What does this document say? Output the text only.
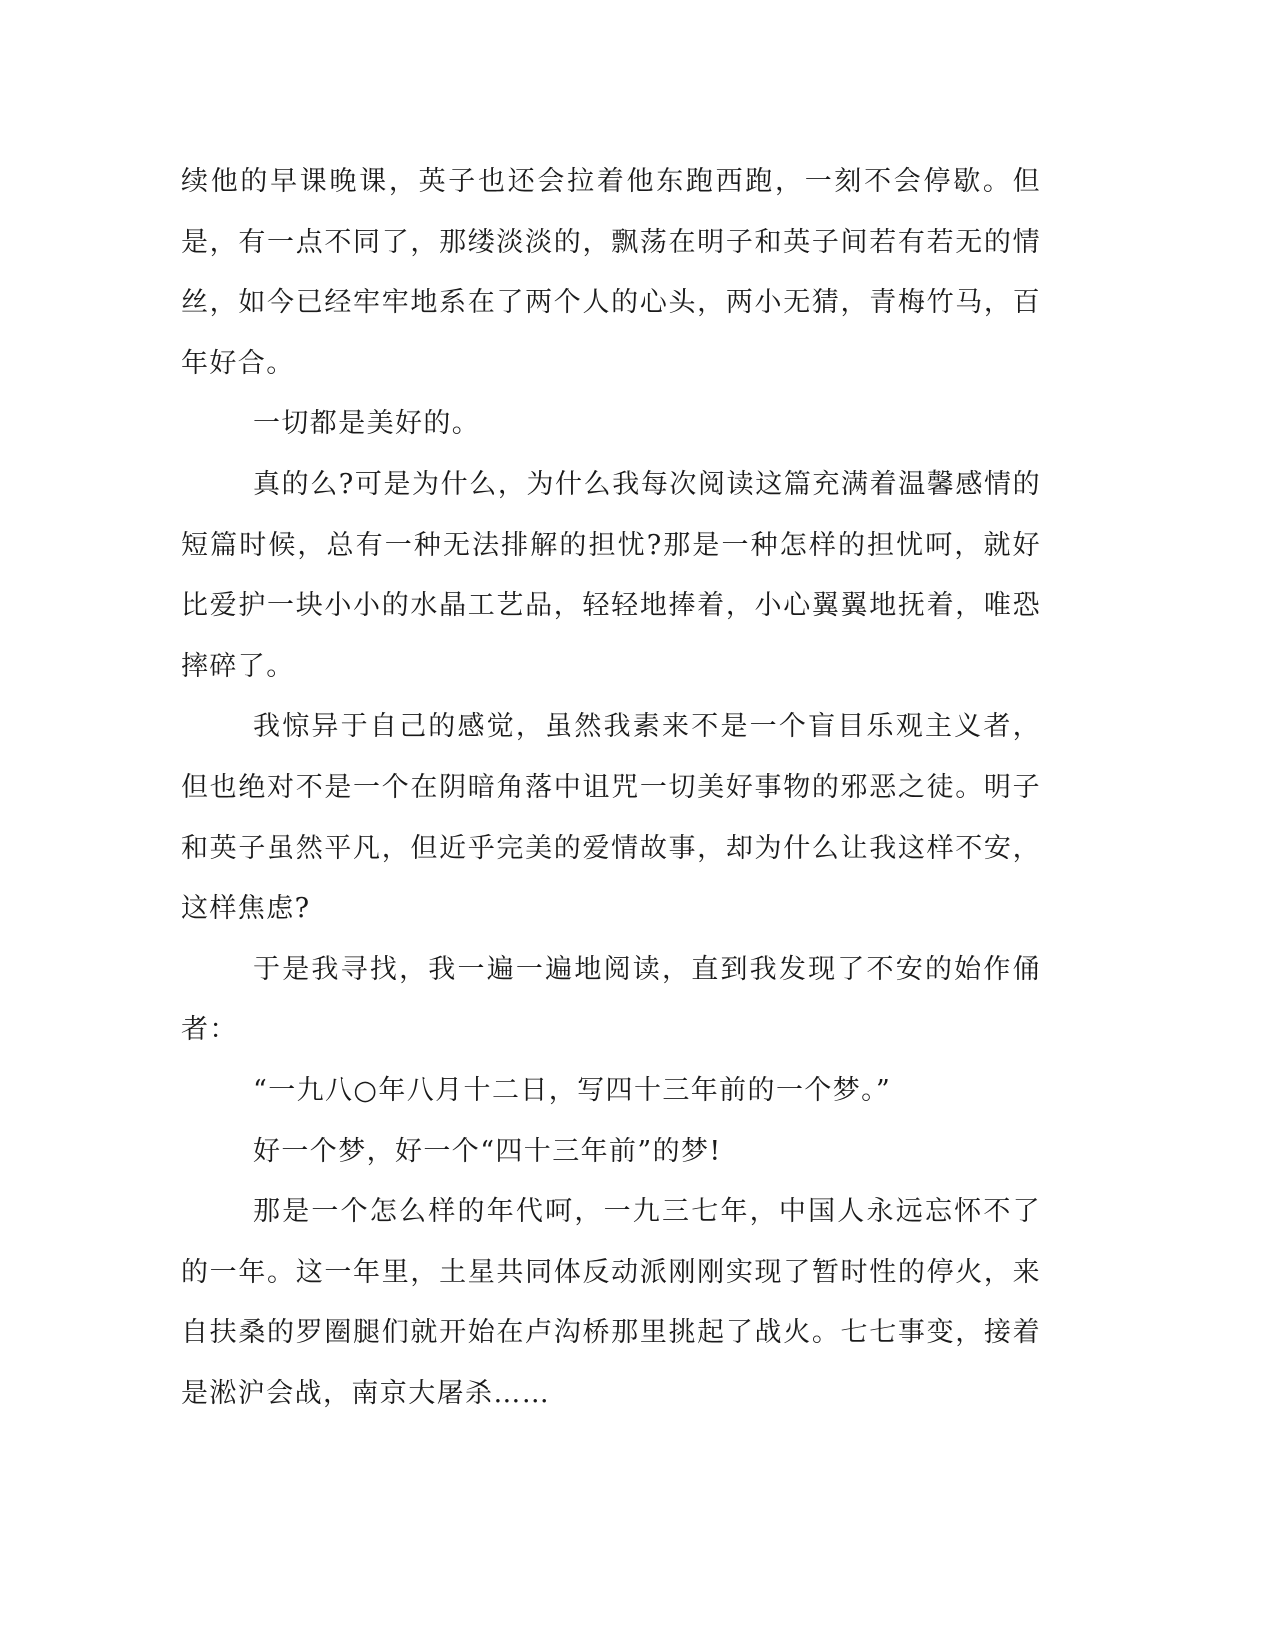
续他的早课晚课，英子也还会拉着他东跑西跑，一刻不会停歇。但是，有一点不同了，那缕淡淡的，飘荡在明子和英子间若有若无的情丝，如今已经牢牢地系在了两个人的心头，两小无猜，青梅竹马，百年好合。

一切都是美好的。

真的么?可是为什么，为什么我每次阅读这篇充满着温馨感情的短篇时候，总有一种无法排解的担忧?那是一种怎样的担忧呵，就好比爱护一块小小的水晶工艺品，轻轻地捧着，小心翼翼地抚着，唯恐摔碎了。

我惊异于自己的感觉，虽然我素来不是一个盲目乐观主义者，但也绝对不是一个在阴暗角落中诅咒一切美好事物的邪恶之徒。明子和英子虽然平凡，但近乎完美的爱情故事，却为什么让我这样不安，这样焦虑?

于是我寻找，我一遍一遍地阅读，直到我发现了不安的始作俑者：

“一九八○年八月十二日，写四十三年前的一个梦。”

好一个梦，好一个“四十三年前”的梦!

那是一个怎么样的年代呵，一九三七年，中国人永远忘怀不了的一年。这一年里，土星共同体反动派刚刚实现了暂时性的停火，来自扶桑的罗圈腿们就开始在卢沟桥那里挑起了战火。七七事变，接着是淞沪会战，南京大屠杀……
